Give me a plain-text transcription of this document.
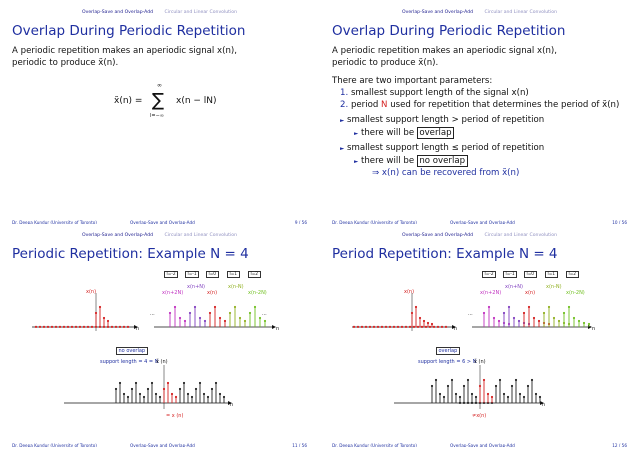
Overlap-Save and Overlap-Add Circular and Linear Convolution
Overlap During Periodic Repetition
A periodic repetition makes an aperiodic signal x(n), periodic to produce x̃(n).
x̃(n) =
∞
∑
l=−∞
x(n − lN)
Dr. Deepa Kundur (University of Toronto)	Overlap-Save and Overlap-Add	9 / 56
Overlap-Save and Overlap-Add Circular and Linear Convolution
Overlap During Periodic Repetition
A periodic repetition makes an aperiodic signal x(n), periodic to produce x̃(n).
There are two important parameters:
1. smallest support length of the signal x(n)
2. period N used for repetition that determines the period of x̃(n)
► smallest support length > period of repetition
► there will be overlap
► smallest support length ≤ period of repetition
► there will be no overlap
⇒ x(n) can be recovered from x̃(n)
Dr. Deepa Kundur (University of Toronto)	Overlap-Save and Overlap-Add	10 / 56
Overlap-Save and Overlap-Add Circular and Linear Convolution
Periodic Repetition: Example N = 4
l=-2	l=-1	l=0	l=1	l=2
x(n)	x(n+2N)
x(n+N)
x(n)
x(n-N)
x(n-2N)
...	...
n	n
n
no overlap
support length = 4 = N
x̃ (n)
= x (n)
Dr. Deepa Kundur (University of Toronto)	Overlap-Save and Overlap-Add	11 / 56
Overlap-Save and Overlap-Add Circular and Linear Convolution
Period Repetition: Example N = 4
l=-2	l=-1	l=0	l=1	l=2
x(n)	x(n+2N)
x(n+N)
x(n)
x(n-N)
x(n-2N)
...
n	n
n
overlap
support length = 6 > N
x̃ (n)
≠x(n)
Dr. Deepa Kundur (University of Toronto)	Overlap-Save and Overlap-Add	12 / 56
